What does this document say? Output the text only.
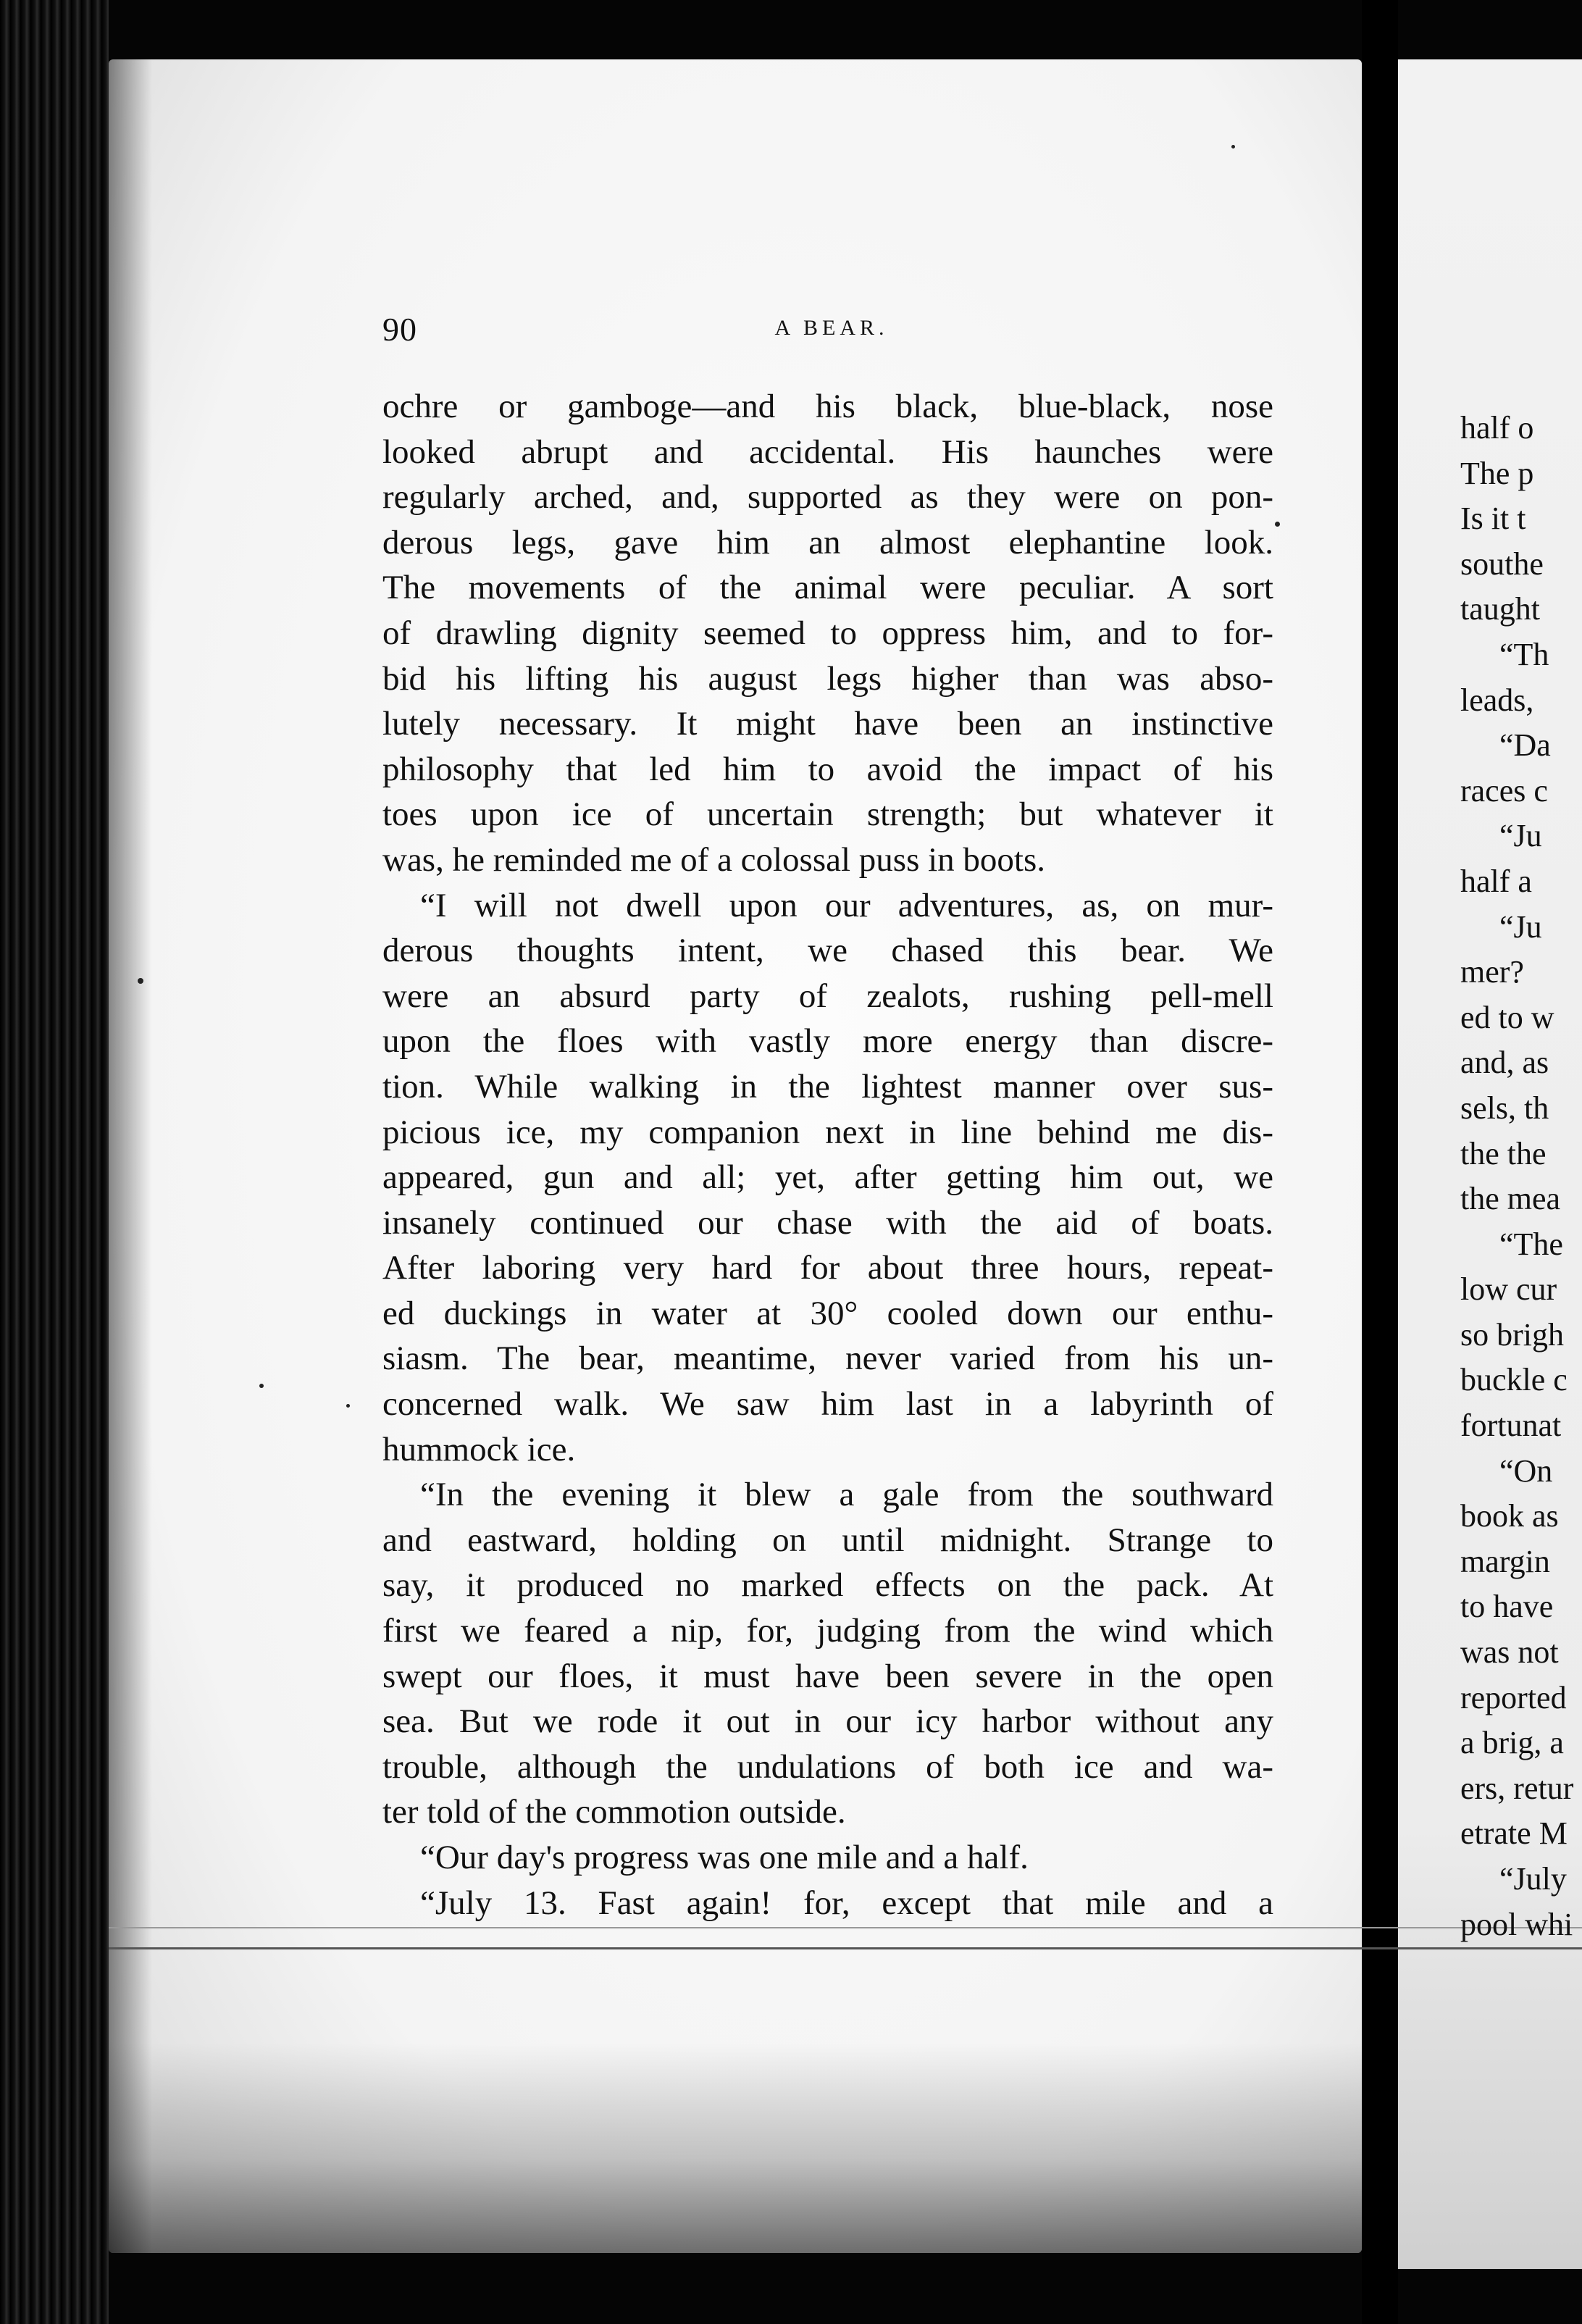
90	A BEAR.
ochre or gamboge—and his black, blue-black, nose
looked abrupt and accidental. His haunches were
regularly arched, and, supported as they were on pon-
derous legs, gave him an almost elephantine look.
The movements of the animal were peculiar. A sort
of drawling dignity seemed to oppress him, and to for-
bid his lifting his august legs higher than was abso-
lutely necessary. It might have been an instinctive
philosophy that led him to avoid the impact of his
toes upon ice of uncertain strength; but whatever it
was, he reminded me of a colossal puss in boots.
“I will not dwell upon our adventures, as, on mur-
derous thoughts intent, we chased this bear. We
were an absurd party of zealots, rushing pell-mell
upon the floes with vastly more energy than discre-
tion. While walking in the lightest manner over sus-
picious ice, my companion next in line behind me dis-
appeared, gun and all; yet, after getting him out, we
insanely continued our chase with the aid of boats.
After laboring very hard for about three hours, repeat-
ed duckings in water at 30° cooled down our enthu-
siasm. The bear, meantime, never varied from his un-
concerned walk. We saw him last in a labyrinth of
hummock ice.
“In the evening it blew a gale from the southward
and eastward, holding on until midnight. Strange to
say, it produced no marked effects on the pack. At
first we feared a nip, for, judging from the wind which
swept our floes, it must have been severe in the open
sea. But we rode it out in our icy harbor without any
trouble, although the undulations of both ice and wa-
ter told of the commotion outside.
“Our day's progress was one mile and a half.
“July 13. Fast again! for, except that mile and a
half o
The p
Is it t
southe
taught
“Th
leads,
“Da
races c
“Ju
half a
“Ju
mer?
ed to w
and, as
sels, th
the the
the mea
“The
low cur
so brigh
buckle c
fortunat
“On
book as
margin
to have
was not
reported
a brig, a
ers, retur
etrate M
“July
pool whi
